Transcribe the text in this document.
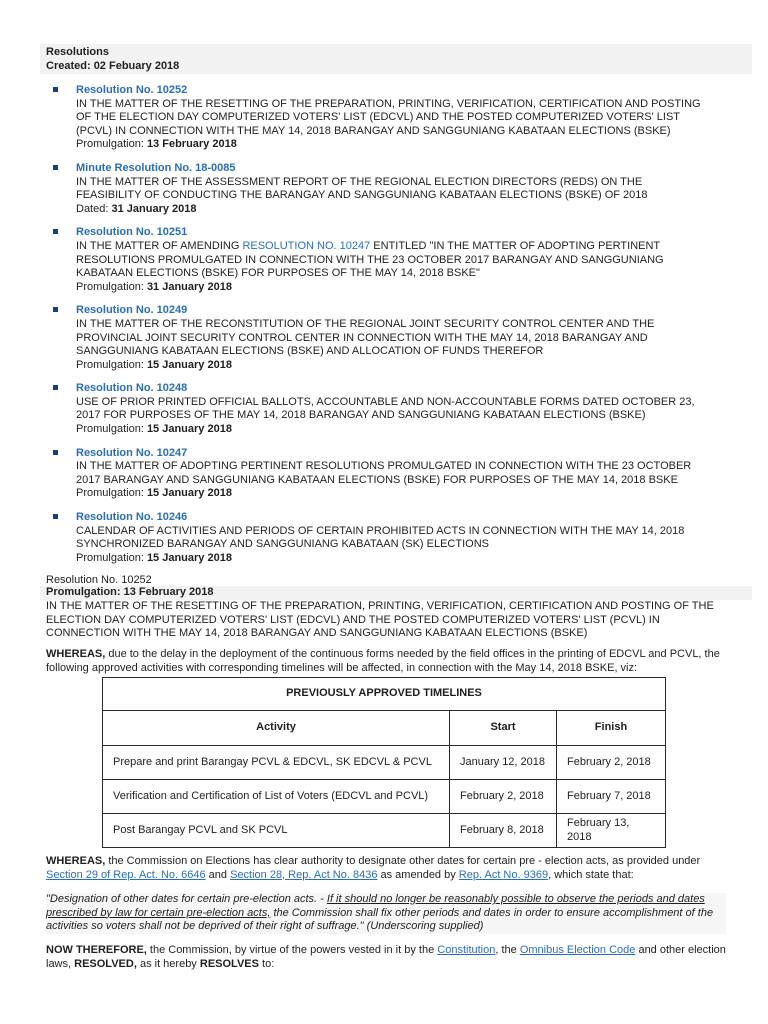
Resolutions
Created: 02 Febuary 2018
Resolution No. 10252
IN THE MATTER OF THE RESETTING OF THE PREPARATION, PRINTING, VERIFICATION, CERTIFICATION AND POSTING OF THE ELECTION DAY COMPUTERIZED VOTERS' LIST (EDCVL) AND THE POSTED COMPUTERIZED VOTERS' LIST (PCVL) IN CONNECTION WITH THE MAY 14, 2018 BARANGAY AND SANGGUNIANG KABATAAN ELECTIONS (BSKE)
Promulgation: 13 February 2018
Minute Resolution No. 18-0085
IN THE MATTER OF THE ASSESSMENT REPORT OF THE REGIONAL ELECTION DIRECTORS (REDS) ON THE FEASIBILITY OF CONDUCTING THE BARANGAY AND SANGGUNIANG KABATAAN ELECTIONS (BSKE) OF 2018
Dated: 31 January 2018
Resolution No. 10251
IN THE MATTER OF AMENDING RESOLUTION NO. 10247 ENTITLED "IN THE MATTER OF ADOPTING PERTINENT RESOLUTIONS PROMULGATED IN CONNECTION WITH THE 23 OCTOBER 2017 BARANGAY AND SANGGUNIANG KABATAAN ELECTIONS (BSKE) FOR PURPOSES OF THE MAY 14, 2018 BSKE"
Promulgation: 31 January 2018
Resolution No. 10249
IN THE MATTER OF THE RECONSTITUTION OF THE REGIONAL JOINT SECURITY CONTROL CENTER AND THE PROVINCIAL JOINT SECURITY CONTROL CENTER IN CONNECTION WITH THE MAY 14, 2018 BARANGAY AND SANGGUNIANG KABATAAN ELECTIONS (BSKE) AND ALLOCATION OF FUNDS THEREFOR
Promulgation: 15 January 2018
Resolution No. 10248
USE OF PRIOR PRINTED OFFICIAL BALLOTS, ACCOUNTABLE AND NON-ACCOUNTABLE FORMS DATED OCTOBER 23, 2017 FOR PURPOSES OF THE MAY 14, 2018 BARANGAY AND SANGGUNIANG KABATAAN ELECTIONS (BSKE)
Promulgation: 15 January 2018
Resolution No. 10247
IN THE MATTER OF ADOPTING PERTINENT RESOLUTIONS PROMULGATED IN CONNECTION WITH THE 23 OCTOBER 2017 BARANGAY AND SANGGUNIANG KABATAAN ELECTIONS (BSKE) FOR PURPOSES OF THE MAY 14, 2018 BSKE
Promulgation: 15 January 2018
Resolution No. 10246
CALENDAR OF ACTIVITIES AND PERIODS OF CERTAIN PROHIBITED ACTS IN CONNECTION WITH THE MAY 14, 2018 SYNCHRONIZED BARANGAY AND SANGGUNIANG KABATAAN (SK) ELECTIONS
Promulgation: 15 January 2018
Resolution No. 10252
Promulgation: 13 February 2018
IN THE MATTER OF THE RESETTING OF THE PREPARATION, PRINTING, VERIFICATION, CERTIFICATION AND POSTING OF THE ELECTION DAY COMPUTERIZED VOTERS' LIST (EDCVL) AND THE POSTED COMPUTERIZED VOTERS' LIST (PCVL) IN CONNECTION WITH THE MAY 14, 2018 BARANGAY AND SANGGUNIANG KABATAAN ELECTIONS (BSKE)
WHEREAS, due to the delay in the deployment of the continuous forms needed by the field offices in the printing of EDCVL and PCVL, the following approved activities with corresponding timelines will be affected, in connection with the May 14, 2018 BSKE, viz:
PREVIOUSLY APPROVED TIMELINES		
Activity	Start	Finish
Prepare and print Barangay PCVL & EDCVL, SK EDCVL & PCVL	January 12, 2018	February 2, 2018
Verification and Certification of List of Voters (EDCVL and PCVL)	February 2, 2018	February 7, 2018
Post Barangay PCVL and SK PCVL	February 8, 2018	February 13, 2018
WHEREAS, the Commission on Elections has clear authority to designate other dates for certain pre - election acts, as provided under Section 29 of Rep. Act. No. 6646 and Section 28, Rep. Act No. 8436 as amended by Rep. Act No. 9369, which state that:
"Designation of other dates for certain pre-election acts. - If it should no longer be reasonably possible to observe the periods and dates prescribed by law for certain pre-election acts, the Commission shall fix other periods and dates in order to ensure accomplishment of the activities so voters shall not be deprived of their right of suffrage." (Underscoring supplied)
NOW THEREFORE, the Commission, by virtue of the powers vested in it by the Constitution, the Omnibus Election Code and other election laws, RESOLVED, as it hereby RESOLVES to:
